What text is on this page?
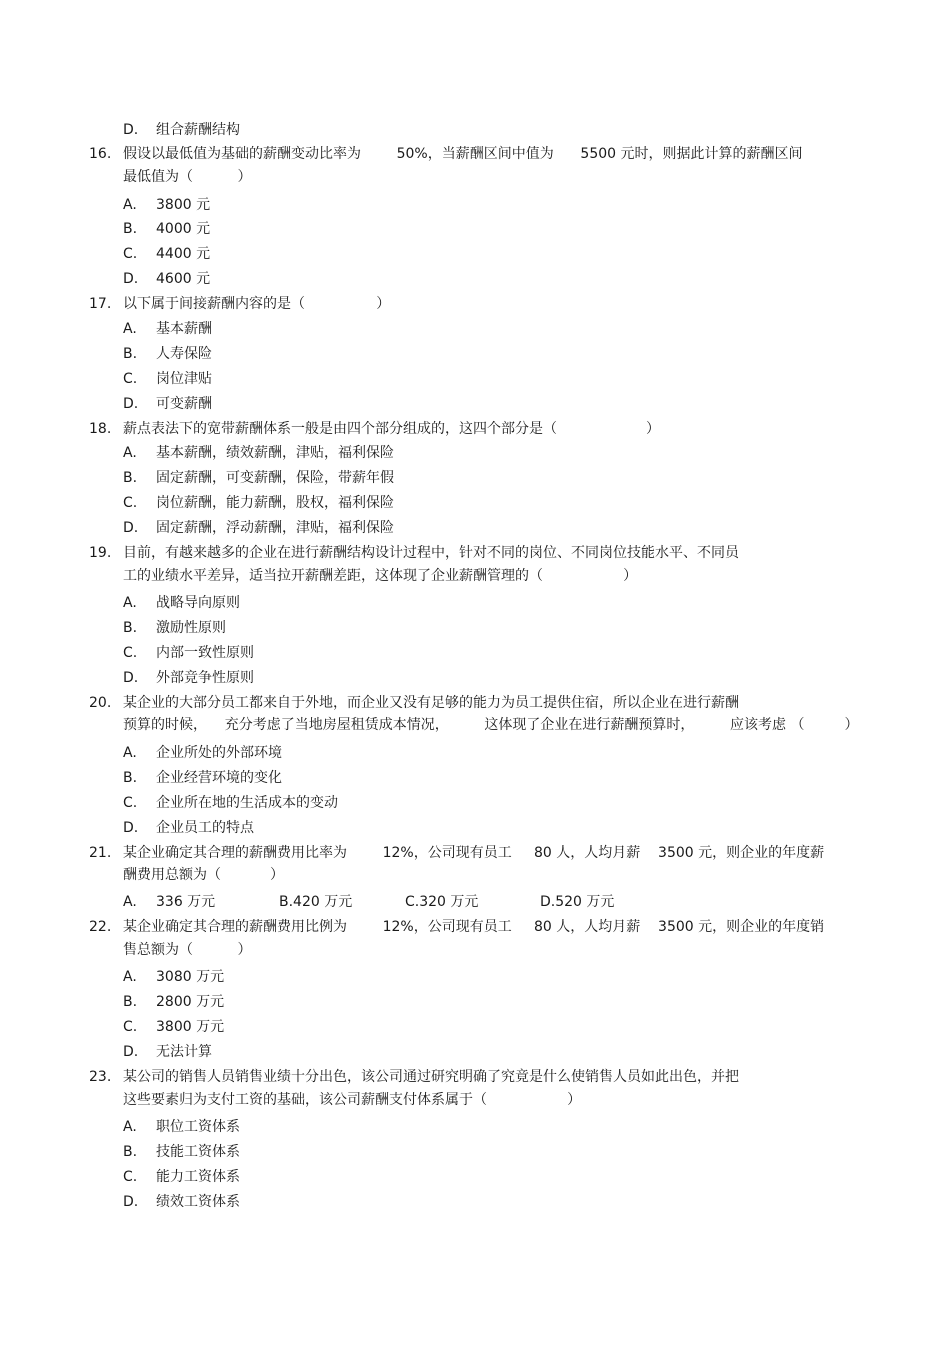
D. 组合薪酬结构
16. 假设以最低值为基础的薪酬变动比率为        50%，当薪酬区间中值为      5500 元时，则据此计算的薪酬区间
最低值为（          ）
A. 3800 元
B. 4000 元
C. 4400 元
D. 4600 元
17. 以下属于间接薪酬内容的是（                ）
A. 基本薪酬
B. 人寿保险
C. 岗位津贴
D. 可变薪酬
18. 薪点表法下的宽带薪酬体系一般是由四个部分组成的，这四个部分是（                    ）
A. 基本薪酬，绩效薪酬，津贴，福利保险
B. 固定薪酬，可变薪酬，保险，带薪年假
C. 岗位薪酬，能力薪酬，股权，福利保险
D. 固定薪酬，浮动薪酬，津贴，福利保险
19. 目前，有越来越多的企业在进行薪酬结构设计过程中，针对不同的岗位、不同岗位技能水平、不同员
工的业绩水平差异，适当拉开薪酬差距，这体现了企业薪酬管理的（                  ）
A. 战略导向原则
B. 激励性原则
C. 内部一致性原则
D. 外部竞争性原则
20. 某企业的大部分员工都来自于外地，而企业又没有足够的能力为员工提供住宿，所以企业在进行薪酬
预算的时候，    充分考虑了当地房屋租赁成本情况，        这体现了企业在进行薪酬预算时，        应该考虑 （         ）
A. 企业所处的外部环境
B. 企业经营环境的变化
C. 企业所在地的生活成本的变动
D. 企业员工的特点
21. 某企业确定其合理的薪酬费用比率为        12%，公司现有员工     80 人，人均月薪    3500 元，则企业的年度薪
酬费用总额为（           ）
A. 336 万元	B.420 万元	C.320 万元	D.520 万元
22. 某企业确定其合理的薪酬费用比例为        12%，公司现有员工     80 人，人均月薪    3500 元，则企业的年度销
售总额为（          ）
A. 3080 万元
B. 2800 万元
C. 3800 万元
D. 无法计算
23. 某公司的销售人员销售业绩十分出色，该公司通过研究明确了究竟是什么使销售人员如此出色，并把
这些要素归为支付工资的基础，该公司薪酬支付体系属于（                  ）
A. 职位工资体系
B. 技能工资体系
C. 能力工资体系
D. 绩效工资体系
